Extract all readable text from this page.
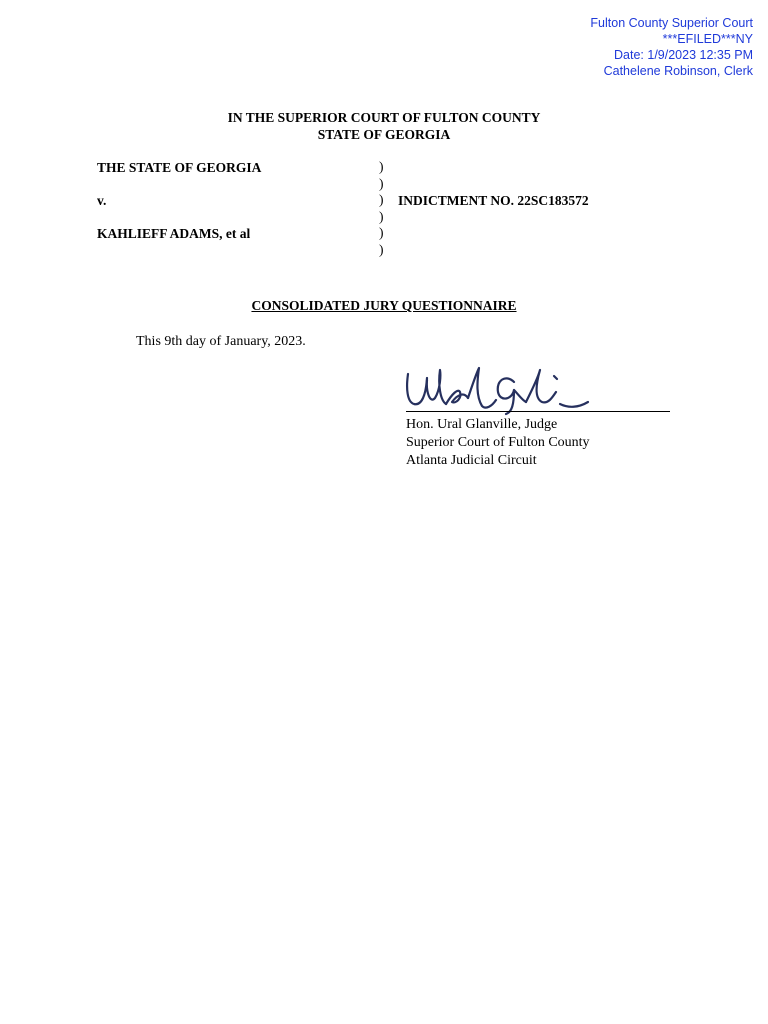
Fulton County Superior Court
***EFILED***NY
Date: 1/9/2023 12:35 PM
Cathelene Robinson, Clerk
IN THE SUPERIOR COURT OF FULTON COUNTY
STATE OF GEORGIA
THE STATE OF GEORGIA
v.
KAHLIEFF ADAMS, et al
)
)
)
)
)
)
INDICTMENT NO. 22SC183572
CONSOLIDATED JURY QUESTIONNAIRE
This 9th day of January, 2023.
Hon. Ural Glanville, Judge
Superior Court of Fulton County
Atlanta Judicial Circuit
